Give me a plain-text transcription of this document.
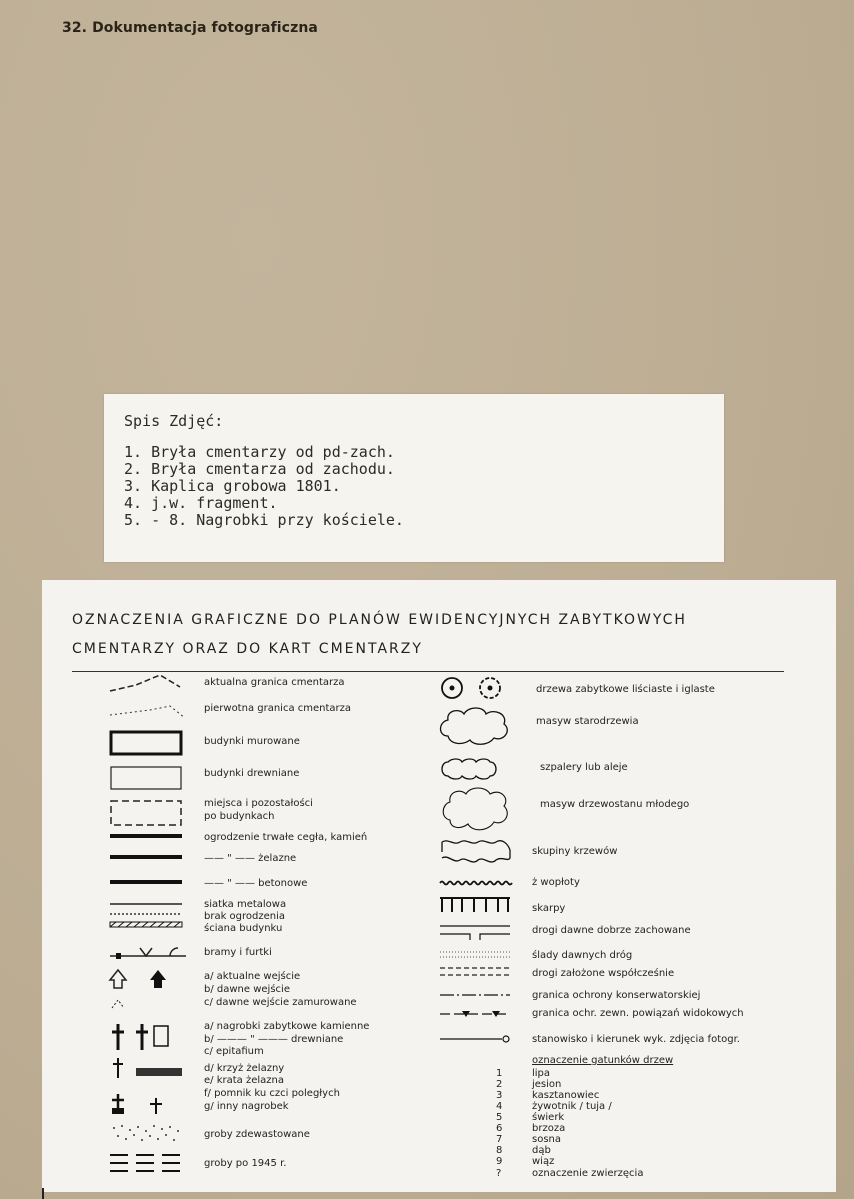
32. Dokumentacja fotograficzna
Spis Zdjęć:
1. Bryła cmentarzy od pd-zach.
2. Bryła cmentarza od zachodu.
3. Kaplica grobowa 1801.
4. j.w. fragment.
5. - 8. Nagrobki przy kościele.
OZNACZENIA GRAFICZNE DO PLANÓW EWIDENCYJNYCH ZABYTKOWYCH
CMENTARZY ORAZ DO KART CMENTARZY
aktualna granica cmentarza
pierwotna granica cmentarza
budynki murowane
budynki drewniane
miejsca i pozostałości
po budynkach
ogrodzenie trwałe cegła, kamień
—— " —— żelazne
—— " —— betonowe
siatka metalowa
brak ogrodzenia
ściana budynku
bramy i furtki
a/ aktualne wejście
b/ dawne wejście
c/ dawne wejście zamurowane
a/ nagrobki zabytkowe kamienne
b/ ——— " ——— drewniane
c/ epitafium
d/ krzyż żelazny
e/ krata żelazna
f/ pomnik ku czci poległych
g/ inny nagrobek
groby zdewastowane
groby po 1945 r.
drzewa zabytkowe liściaste i iglaste
masyw starodrzewia
szpalery lub aleje
masyw drzewostanu młodego
skupiny krzewów
ż wopłoty
skarpy
drogi dawne dobrze zachowane
ślady dawnych dróg
drogi założone współcześnie
granica ochrony konserwatorskiej
granica ochr. zewn. powiązań widokowych
stanowisko i kierunek wyk. zdjęcia fotogr.
oznaczenie gatunków drzew
1	lipa
2	jesion
3	kasztanowiec
4	żywotnik / tuja /
5	świerk
6	brzoza
7	sosna
8	dąb
9	wiąz
?	oznaczenie zwierzęcia
